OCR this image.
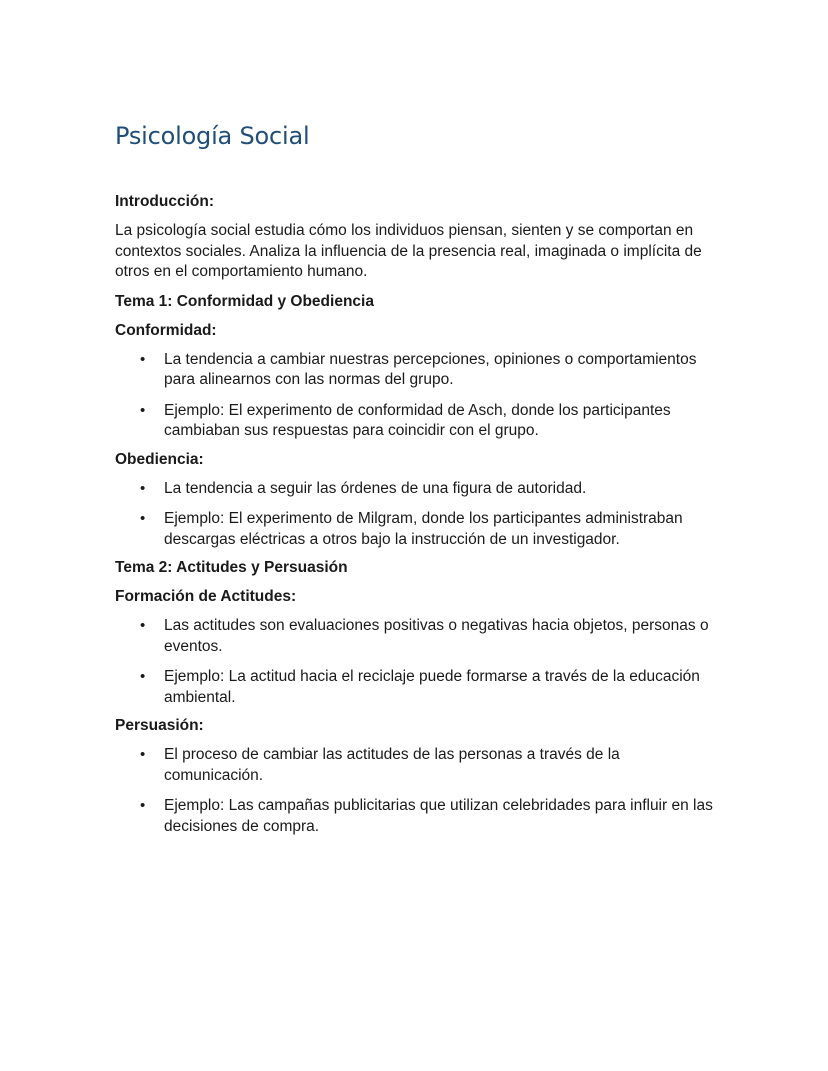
Psicología Social
Introducción:

La psicología social estudia cómo los individuos piensan, sienten y se comportan en contextos sociales. Analiza la influencia de la presencia real, imaginada o implícita de otros en el comportamiento humano.

Tema 1: Conformidad y Obediencia
Conformidad:
• La tendencia a cambiar nuestras percepciones, opiniones o comportamientos para alinearnos con las normas del grupo.
• Ejemplo: El experimento de conformidad de Asch, donde los participantes cambiaban sus respuestas para coincidir con el grupo.
Obediencia:
• La tendencia a seguir las órdenes de una figura de autoridad.
• Ejemplo: El experimento de Milgram, donde los participantes administraban descargas eléctricas a otros bajo la instrucción de un investigador.
Tema 2: Actitudes y Persuasión
Formación de Actitudes:
• Las actitudes son evaluaciones positivas o negativas hacia objetos, personas o eventos.
• Ejemplo: La actitud hacia el reciclaje puede formarse a través de la educación ambiental.
Persuasión:
• El proceso de cambiar las actitudes de las personas a través de la comunicación.
• Ejemplo: Las campañas publicitarias que utilizan celebridades para influir en las decisiones de compra.
